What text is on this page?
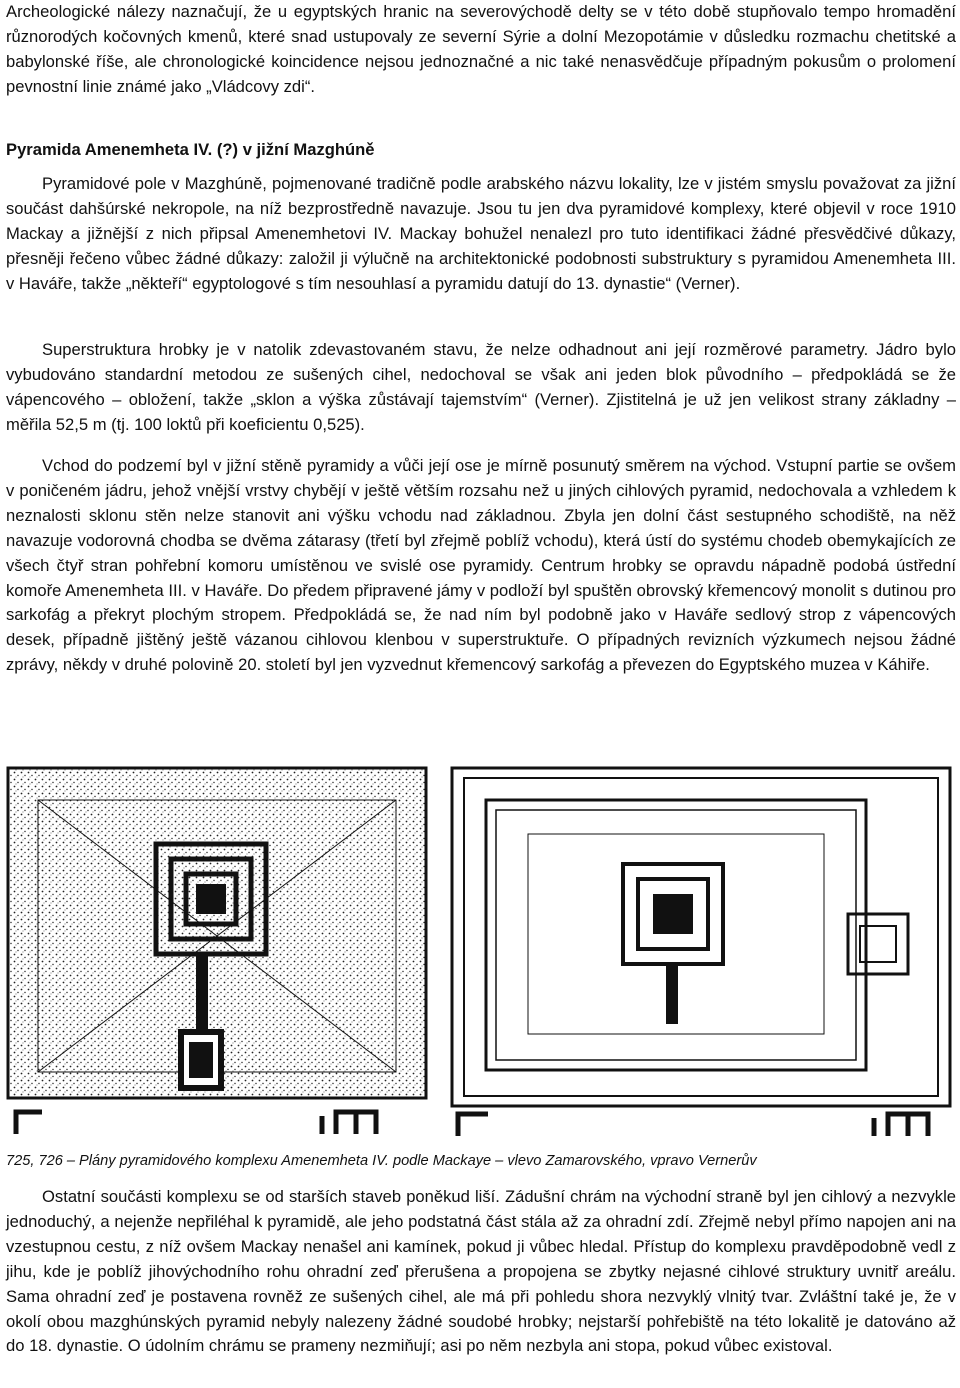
Archeologické nálezy naznačují, že u egyptských hranic na severovýchodě delty se v této době stupňovalo tempo hromadění různorodých kočovných kmenů, které snad ustupovaly ze severní Sýrie a dolní Mezopotámie v důsledku rozmachu chetitské a babylonské říše, ale chronologické koincidence nejsou jednoznačné a nic také nenasvědčuje případným pokusům o prolomení pevnostní linie známé jako „Vládcovy zdi“.

Pyramida Amenemheta IV. (?) v jižní Mazghúně

Pyramidové pole v Mazghúně, pojmenované tradičně podle arabského názvu lokality, lze v jistém smyslu považovat za jižní součást dahšúrské nekropole, na níž bezprostředně navazuje. Jsou tu jen dva pyramidové komplexy, které objevil v roce 1910 Mackay a jižnější z nich připsal Amenemhetovi IV. Mackay bohužel nenalezl pro tuto identifikaci žádné přesvědčivé důkazy, přesněji řečeno vůbec žádné důkazy: založil ji výlučně na architektonické podobnosti substruktury s pyramidou Amenemheta III. v Haváře, takže „někteří“ egyptologové s tím nesouhlasí a pyramidu datují do 13. dynastie“ (Verner).

Superstruktura hrobky je v natolik zdevastovaném stavu, že nelze odhadnout ani její rozměrové parametry. Jádro bylo vybudováno standardní metodou ze sušených cihel, nedochoval se však ani jeden blok původního – předpokládá se že vápencového – obložení, takže „sklon a výška zůstávají tajemstvím“ (Verner). Zjistitelná je už jen velikost strany základny – měřila 52,5 m (tj. 100 loktů při koeficientu 0,525).

Vchod do podzemí byl v jižní stěně pyramidy a vůči její ose je mírně posunutý směrem na východ. Vstupní partie se ovšem v poničeném jádru, jehož vnější vrstvy chybějí v ještě větším rozsahu než u jiných cihlových pyramid, nedochovala a vzhledem k neznalosti sklonu stěn nelze stanovit ani výšku vchodu nad základnou. Zbyla jen dolní část sestupného schodiště, na něž navazuje vodorovná chodba se dvěma zátarasy (třetí byl zřejmě poblíž vchodu), která ústí do systému chodeb obemykajících ze všech čtyř stran pohřební komoru umístěnou ve svislé ose pyramidy. Centrum hrobky se opravdu nápadně podobá ústřední komoře Amenemheta III. v Havářе. Do předem připravené jámy v podloží byl spuštěn obrovský křemencový monolit s dutinou pro sarkofág a překryt plochým stropem. Předpokládá se, že nad ním byl podobně jako v Havářе sedlový strop z vápencových desek, případně jištěný ještě vázanou cihlovou klenbou v superstruktuře. O případných revizních výzkumech nejsou žádné zprávy, někdy v druhé polovině 20. století byl jen vyzvednut křemencový sarkofág a převezen do Egyptského muzea v Káhiře.

725, 726 – Plány pyramidového komplexu Amenemheta IV. podle Mackaye – vlevo Zamarovského, vpravo Vernerův

Ostatní součásti komplexu se od starších staveb poněkud liší. Zádušní chrám na východní straně byl jen cihlový a nezvykle jednoduchý, a nejenže nepřiléhal k pyramidě, ale jeho podstatná část stála až za ohradní zdí. Zřejmě nebyl přímo napojen ani na vzestupnou cestu, z níž ovšem Mackay nenašel ani kamínek, pokud ji vůbec hledal. Přístup do komplexu pravděpodobně vedl z jihu, kde je poblíž jihovýchodního rohu ohradní zeď přerušena a propojena se zbytky nejasné cihlové struktury uvnitř areálu. Sama ohradní zeď je postavena rovněž ze sušených cihel, ale má při pohledu shora nezvyklý vlnitý tvar. Zvláštní také je, že v okolí obou mazghúnských pyramid nebyly nalezeny žádné soudobé hrobky; nejstarší pohřebiště na této lokalitě je datováno až do 18. dynastie. O údolním chrámu se prameny nezmiňují; asi po něm nezbyla ani stopa, pokud vůbec existoval.
